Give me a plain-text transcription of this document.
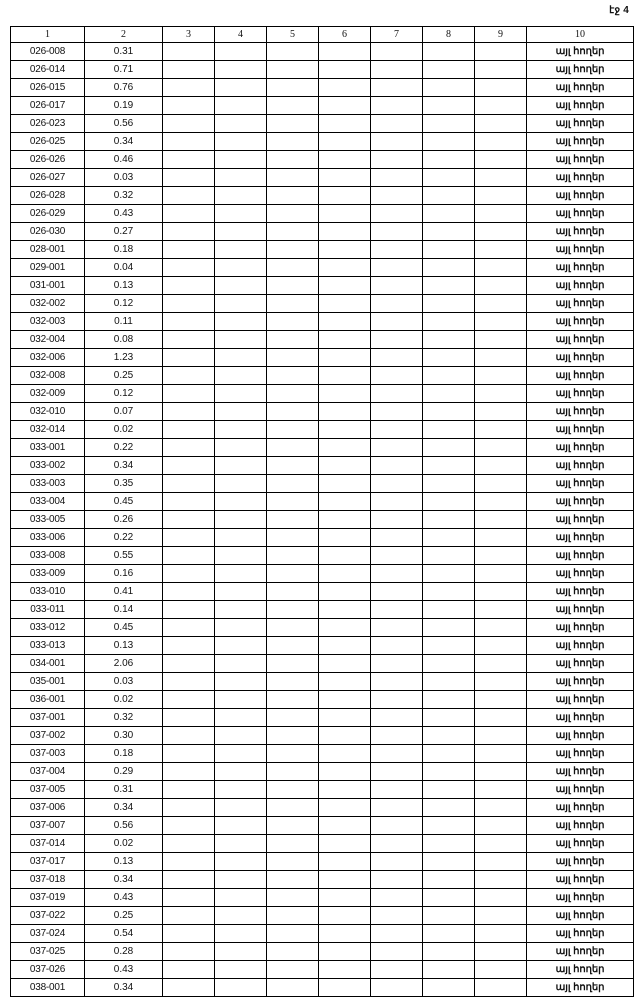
էջ 4
1	2	3	4	5	6	7	8	9	10
026-008	0.31								այլ հողեր
026-014	0.71								այլ հողեր
026-015	0.76								այլ հողեր
026-017	0.19								այլ հողեր
026-023	0.56								այլ հողեր
026-025	0.34								այլ հողեր
026-026	0.46								այլ հողեր
026-027	0.03								այլ հողեր
026-028	0.32								այլ հողեր
026-029	0.43								այլ հողեր
026-030	0.27								այլ հողեր
028-001	0.18								այլ հողեր
029-001	0.04								այլ հողեր
031-001	0.13								այլ հողեր
032-002	0.12								այլ հողեր
032-003	0.11								այլ հողեր
032-004	0.08								այլ հողեր
032-006	1.23								այլ հողեր
032-008	0.25								այլ հողեր
032-009	0.12								այլ հողեր
032-010	0.07								այլ հողեր
032-014	0.02								այլ հողեր
033-001	0.22								այլ հողեր
033-002	0.34								այլ հողեր
033-003	0.35								այլ հողեր
033-004	0.45								այլ հողեր
033-005	0.26								այլ հողեր
033-006	0.22								այլ հողեր
033-008	0.55								այլ հողեր
033-009	0.16								այլ հողեր
033-010	0.41								այլ հողեր
033-011	0.14								այլ հողեր
033-012	0.45								այլ հողեր
033-013	0.13								այլ հողեր
034-001	2.06								այլ հողեր
035-001	0.03								այլ հողեր
036-001	0.02								այլ հողեր
037-001	0.32								այլ հողեր
037-002	0.30								այլ հողեր
037-003	0.18								այլ հողեր
037-004	0.29								այլ հողեր
037-005	0.31								այլ հողեր
037-006	0.34								այլ հողեր
037-007	0.56								այլ հողեր
037-014	0.02								այլ հողեր
037-017	0.13								այլ հողեր
037-018	0.34								այլ հողեր
037-019	0.43								այլ հողեր
037-022	0.25								այլ հողեր
037-024	0.54								այլ հողեր
037-025	0.28								այլ հողեր
037-026	0.43								այլ հողեր
038-001	0.34								այլ հողեր
